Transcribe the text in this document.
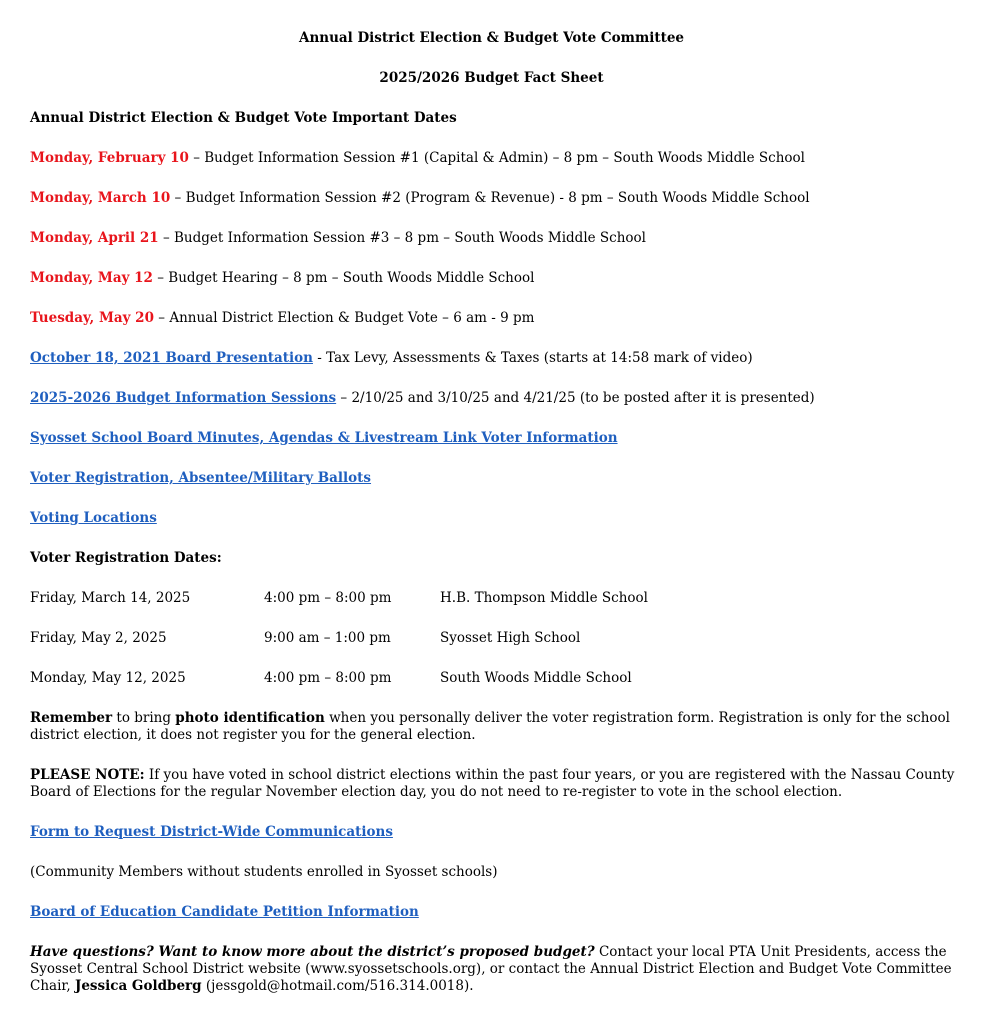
Annual District Election & Budget Vote Committee
2025/2026 Budget Fact Sheet
Annual District Election & Budget Vote Important Dates
Monday, February 10 – Budget Information Session #1 (Capital & Admin) – 8 pm – South Woods Middle School
Monday, March 10 – Budget Information Session #2 (Program & Revenue) - 8 pm – South Woods Middle School
Monday, April 21 – Budget Information Session #3 – 8 pm – South Woods Middle School
Monday, May 12 – Budget Hearing – 8 pm – South Woods Middle School
Tuesday, May 20 – Annual District Election & Budget Vote – 6 am - 9 pm
October 18, 2021 Board Presentation - Tax Levy, Assessments & Taxes (starts at 14:58 mark of video)
2025-2026 Budget Information Sessions – 2/10/25 and 3/10/25 and 4/21/25 (to be posted after it is presented)
Syosset School Board Minutes, Agendas & Livestream Link Voter Information
Voter Registration, Absentee/Military Ballots
Voting Locations
Voter Registration Dates:
Friday, March 14, 2025	4:00 pm – 8:00 pm	H.B. Thompson Middle School
Friday, May 2, 2025	9:00 am – 1:00 pm	Syosset High School
Monday, May 12, 2025	4:00 pm – 8:00 pm	South Woods Middle School
Remember to bring photo identification when you personally deliver the voter registration form. Registration is only for the school district election, it does not register you for the general election.
PLEASE NOTE: If you have voted in school district elections within the past four years, or you are registered with the Nassau County Board of Elections for the regular November election day, you do not need to re-register to vote in the school election.
Form to Request District-Wide Communications
(Community Members without students enrolled in Syosset schools)
Board of Education Candidate Petition Information
Have questions? Want to know more about the district’s proposed budget? Contact your local PTA Unit Presidents, access the Syosset Central School District website (www.syossetschools.org), or contact the Annual District Election and Budget Vote Committee Chair, Jessica Goldberg (jessgold@hotmail.com/516.314.0018).
